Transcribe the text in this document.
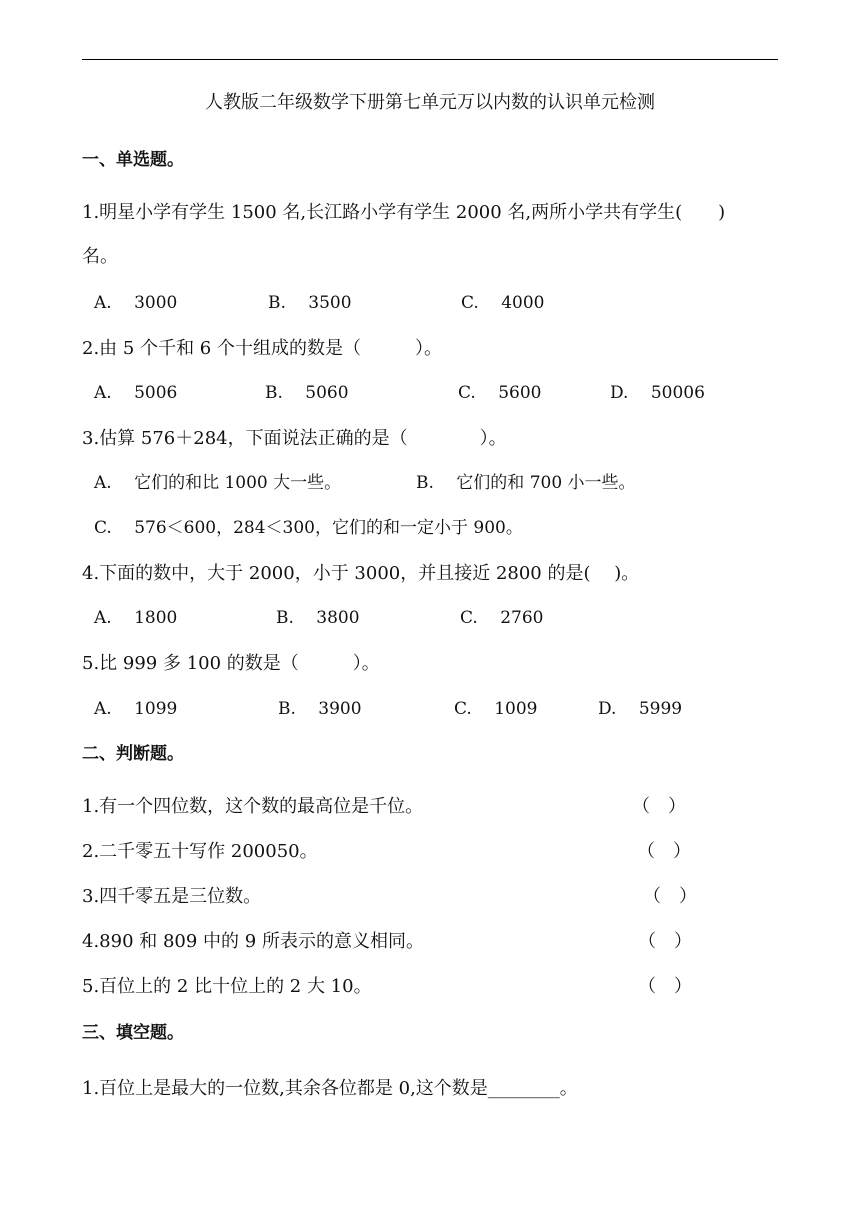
人教版二年级数学下册第七单元万以内数的认识单元检测
一、单选题。
1.明星小学有学生 1500 名,长江路小学有学生 2000 名,两所小学共有学生(　　)
名。
A.　 3000	B.　 3500	C.　 4000
2.由 5 个千和 6 个十组成的数是（　　　）。
A.　 5006	B.　 5060	C.　 5600	D.　 50006
3.估算 576＋284，下面说法正确的是（　　　　）。
A.　 它们的和比 1000 大一些。	B.　 它们的和 700 小一些。
C.　 576＜600，284＜300，它们的和一定小于 900。
4.下面的数中，大于 2000，小于 3000，并且接近 2800 的是(　 )。
A.　 1800	B.　 3800	C.　 2760
5.比 999 多 100 的数是（　　　）。
A.　 1099	B.　 3900	C.　 1009	D.　 5999
二、判断题。
1.有一个四位数，这个数的最高位是千位。	（　）
2.二千零五十写作 200050。	（　）
3.四千零五是三位数。	（　）
4.890 和 809 中的 9 所表示的意义相同。	（　）
5.百位上的 2 比十位上的 2 大 10。	（　）
三、填空题。
1.百位上是最大的一位数,其余各位都是 0,这个数是________。
